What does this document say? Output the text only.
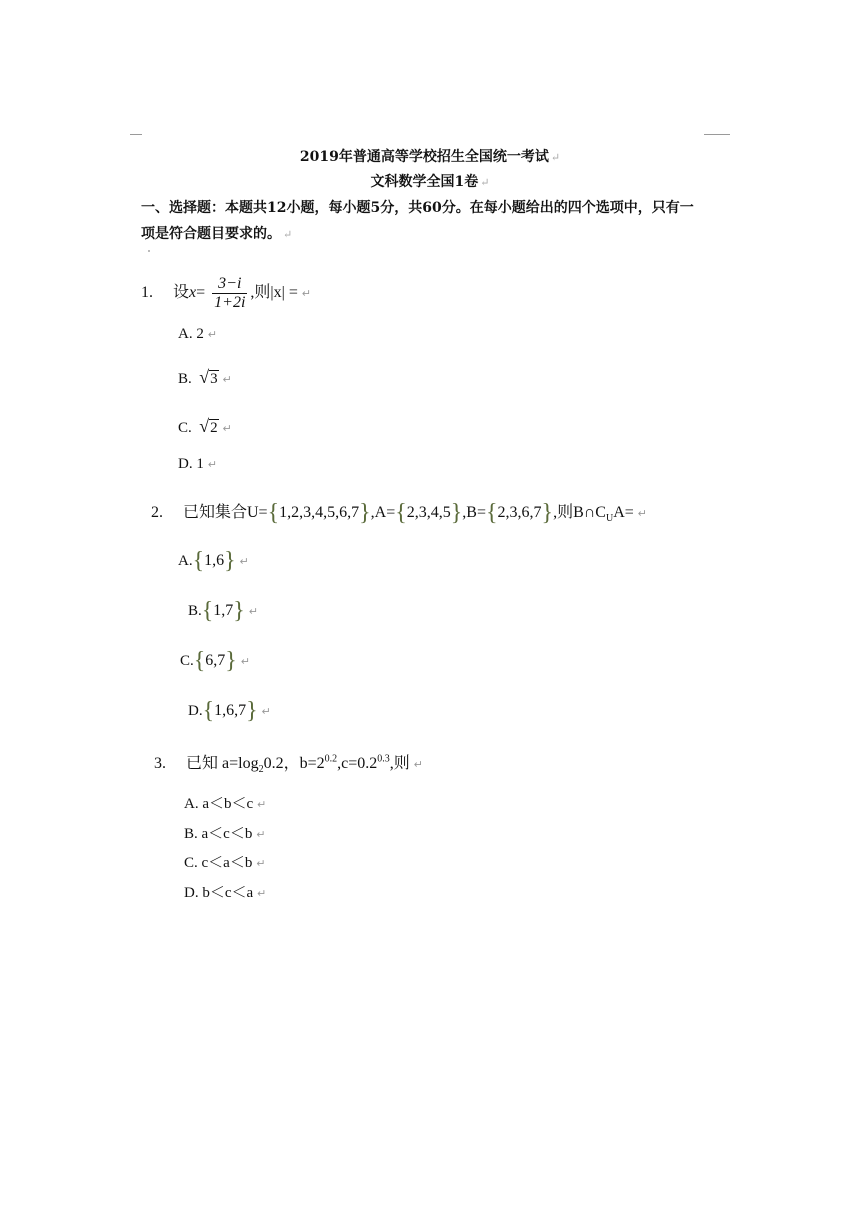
2019年普通高等学校招生全国统一考试 ↵
文科数学全国1卷 ↵
一、选择题：本题共12小题，每小题5分，共60分。在每小题给出的四个选项中，只有一
项是符合题目要求的。 ↵
1. 设$x= \frac{3-i}{1+2i}$ ,则|x| = ↵
A. 2 ↵
B. √3 ↵
C. √2 ↵
D. 1 ↵
2. 已知集合U={1,2,3,4,5,6,7},A={2,3,4,5},B={2,3,6,7},则$B\cap C_UA=$ ↵
A.{1,6} ↵
B.{1,7} ↵
C.{6,7} ↵
D.{1,6,7} ↵
3. 已知 $a=\log_20.2$，$b=2^{0.2},c=0.2^{0.3}$,则 ↵
A. a＜b＜c ↵
B. a＜c＜b ↵
C. c＜a＜b ↵
D. b＜c＜a ↵
